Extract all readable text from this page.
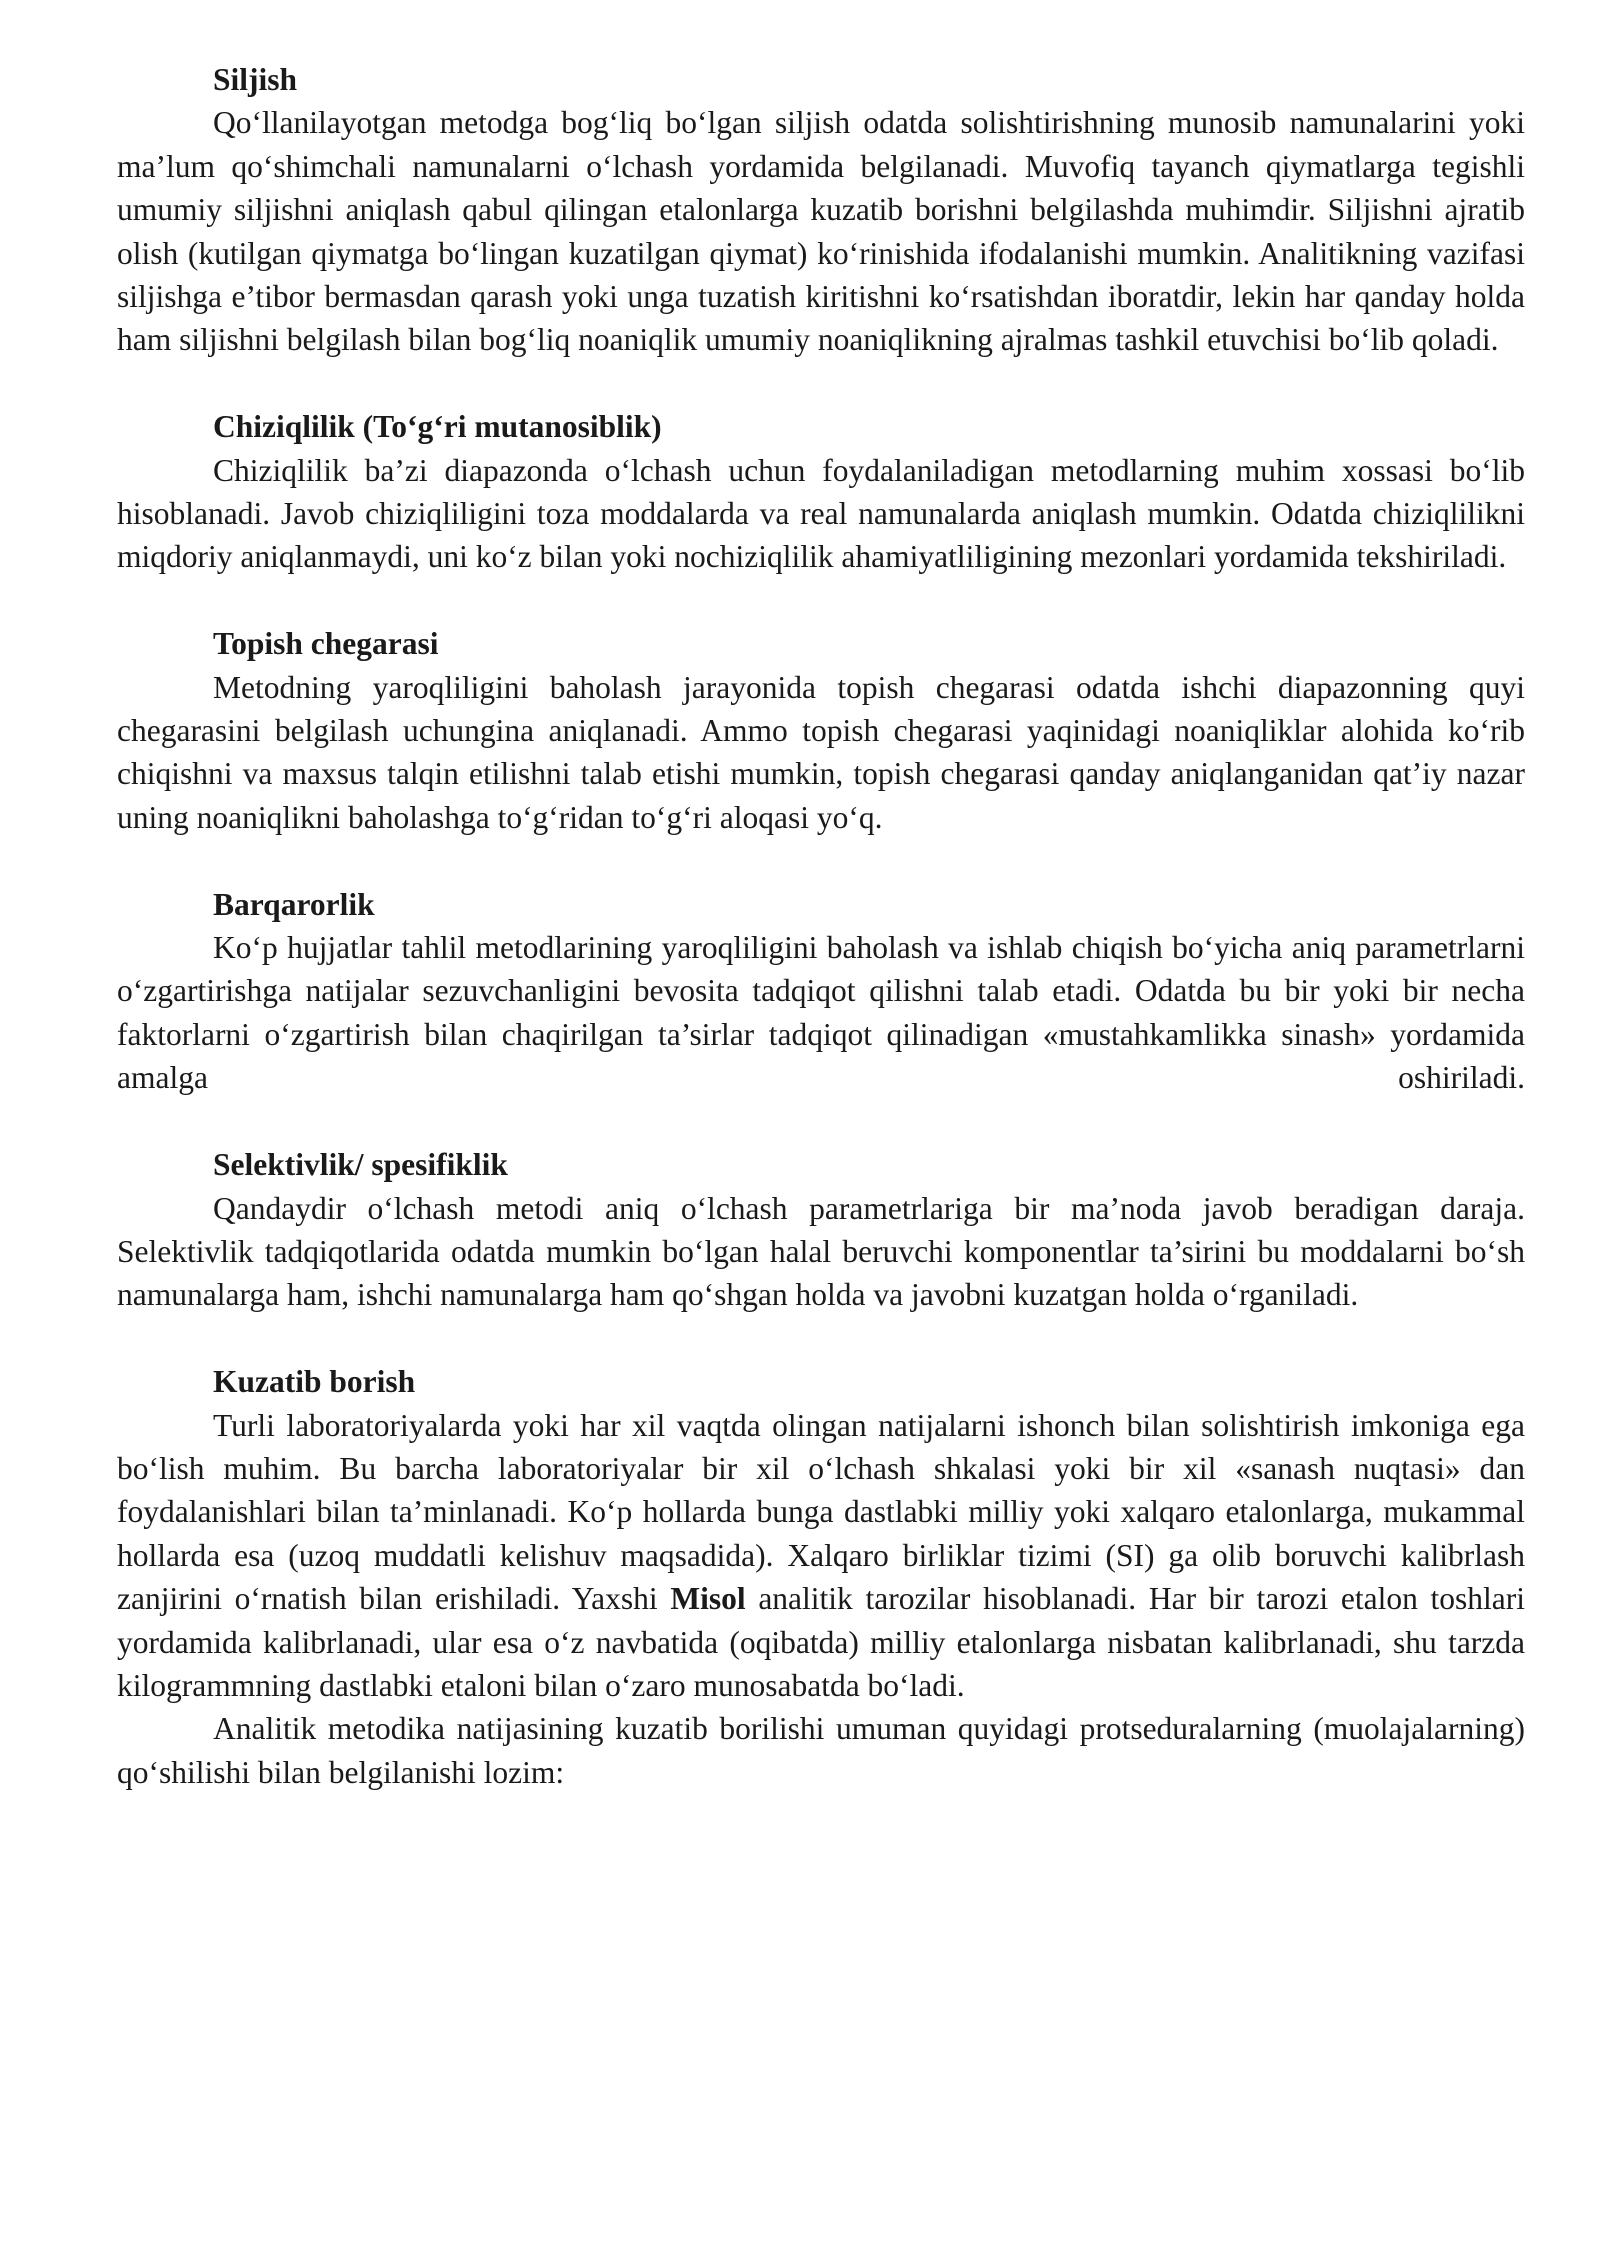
Siljish

Qo‘llanilayotgan metodga bog‘liq bo‘lgan siljish odatda solishtirishning munosib namunalarini yoki ma’lum qo‘shimchali namunalarni o‘lchash yordamida belgilanadi. Muvofiq tayanch qiymatlarga tegishli umumiy siljishni aniqlash qabul qilingan etalonlarga kuzatib borishni belgilashda muhimdir. Siljishni ajratib olish (kutilgan qiymatga bo‘lingan kuzatilgan qiymat) ko‘rinishida ifodalanishi mumkin. Analitikning vazifasi siljishga e’tibor bermasdan qarash yoki unga tuzatish kiritishni ko‘rsatishdan iboratdir, lekin har qanday holda ham siljishni belgilash bilan bog‘liq noaniqlik umumiy noaniqlikning ajralmas tashkil etuvchisi bo‘lib qoladi.

Chiziqlilik (To‘g‘ri mutanosiblik)

Chiziqlilik ba’zi diapazonda o‘lchash uchun foydalaniladigan metodlarning muhim xossasi bo‘lib hisoblanadi. Javob chiziqliligini toza moddalarda va real namunalarda aniqlash mumkin. Odatda chiziqlilikni miqdoriy aniqlanmaydi, uni ko‘z bilan yoki nochiziqlilik ahamiyatliligining mezonlari yordamida tekshiriladi.

Topish chegarasi

Metodning yaroqliligini baholash jarayonida topish chegarasi odatda ishchi diapazonning quyi chegarasini belgilash uchungina aniqlanadi. Ammo topish chegarasi yaqinidagi noaniqliklar alohida ko‘rib chiqishni va maxsus talqin etilishni talab etishi mumkin, topish chegarasi qanday aniqlanganidan qat’iy nazar uning noaniqlikni baholashga to‘g‘ridan to‘g‘ri aloqasi yo‘q.

Barqarorlik

Ko‘p hujjatlar tahlil metodlarining yaroqliligini baholash va ishlab chiqish bo‘yicha aniq parametrlarni o‘zgartirishga natijalar sezuvchanligini bevosita tadqiqot qilishni talab etadi. Odatda bu bir yoki bir necha faktorlarni o‘zgartirish bilan chaqirilgan ta’sirlar tadqiqot qilinadigan «mustahkamlikka sinash» yordamida amalga oshiriladi.

Selektivlik/ spesifiklik

Qandaydir o‘lchash metodi aniq o‘lchash parametrlariga bir ma’noda javob beradigan daraja. Selektivlik tadqiqotlarida odatda mumkin bo‘lgan halal beruvchi komponentlar ta’sirini bu moddalarni bo‘sh namunalarga ham, ishchi namunalarga ham qo‘shgan holda va javobni kuzatgan holda o‘rganiladi.

Kuzatib borish

Turli laboratoriyalarda yoki har xil vaqtda olingan natijalarni ishonch bilan solishtirish imkoniga ega bo‘lish muhim. Bu barcha laboratoriyalar bir xil o‘lchash shkalasi yoki bir xil «sanash nuqtasi» dan foydalanishlari bilan ta’minlanadi. Ko‘p hollarda bunga dastlabki milliy yoki xalqaro etalonlarga, mukammal hollarda esa (uzoq muddatli kelishuv maqsadida). Xalqaro birliklar tizimi (SI) ga olib boruvchi kalibrlash zanjirini o‘rnatish bilan erishiladi. Yaxshi Misol analitik tarozilar hisoblanadi. Har bir tarozi etalon toshlari yordamida kalibrlanadi, ular esa o‘z navbatida (oqibatda) milliy etalonlarga nisbatan kalibrlanadi, shu tarzda kilogrammning dastlabki etaloni bilan o‘zaro munosabatda bo‘ladi.

Analitik metodika natijasining kuzatib borilishi umuman quyidagi protseduralarning (muolajalarning) qo‘shilishi bilan belgilanishi lozim:
